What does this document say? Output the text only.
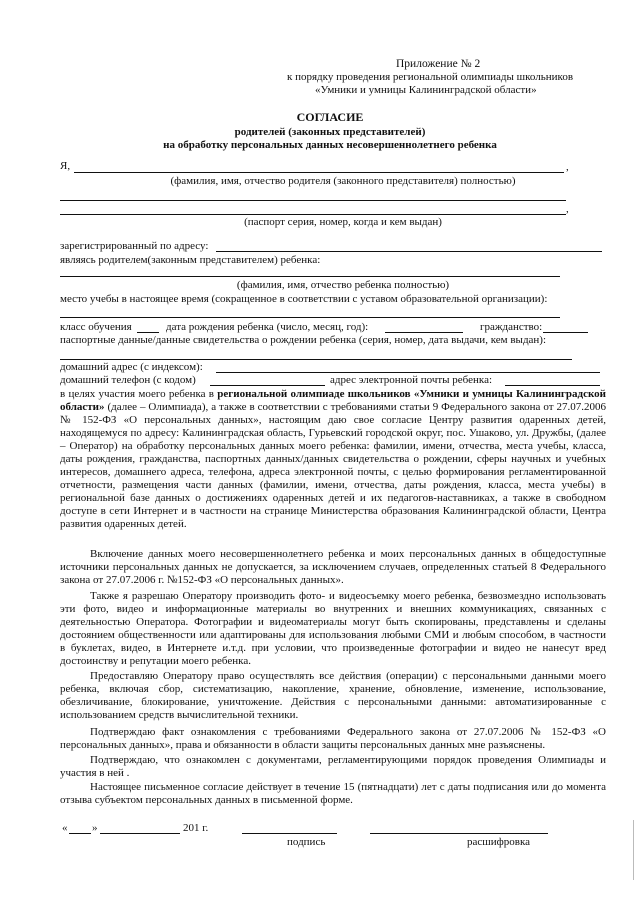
Приложение № 2
к порядку проведения региональной олимпиады школьников
«Умники и умницы Калининградской области»
СОГЛАСИЕ
родителей (законных представителей)
на обработку персональных данных несовершеннолетнего ребенка
Я,	,
(фамилия, имя, отчество родителя (законного представителя) полностью)
,
(паспорт серия, номер, когда и кем выдан)
зарегистрированный по адресу:
являясь родителем(законным представителем) ребенка:
(фамилия, имя, отчество ребенка полностью)
место учебы в настоящее время (сокращенное в соответствии с уставом образовательной организации):
класс обучения	дата рождения ребенка (число, месяц, год):	гражданство:
паспортные данные/данные свидетельства о рождении ребенка (серия, номер, дата выдачи, кем выдан):
домашний адрес (с индексом):
домашний телефон (с кодом)	адрес электронной почты ребенка:

в целях участия моего ребенка в региональной олимпиаде школьников «Умники и умницы Калининградской области» (далее – Олимпиада), а также в соответствии с требованиями статьи 9 Федерального закона от 27.07.2006 № 152-ФЗ «О персональных данных», настоящим даю свое согласие Центру развития одаренных детей, находящемуся по адресу: Калининградская область, Гурьевский городской округ, пос. Ушаково, ул. Дружбы, (далее – Оператор) на обработку персональных данных моего ребенка: фамилии, имени, отчества, места учебы, класса, даты рождения, гражданства, паспортных данных/данных свидетельства о рождении, сферы научных и учебных интересов, домашнего адреса, телефона, адреса электронной почты, с целью формирования регламентированной отчетности, размещения части данных (фамилии, имени, отчества, даты рождения, класса, места учебы) в региональной базе данных о достижениях одаренных детей и их педагогов-наставниках, а также в свободном доступе в сети Интернет и в частности на странице Министерства образования Калининградской области, Центра развития одаренных детей.

Включение данных моего несовершеннолетнего ребенка и моих персональных данных в общедоступные источники персональных данных не допускается, за исключением случаев, определенных статьей 8 Федерального закона от 27.07.2006 г. №152-ФЗ «О персональных данных».

Также я разрешаю Оператору производить фото- и видеосъемку моего ребенка, безвозмездно использовать эти фото, видео и информационные материалы во внутренних и внешних коммуникациях, связанных с деятельностью Оператора. Фотографии и видеоматериалы могут быть скопированы, представлены и сделаны достоянием общественности или адаптированы для использования любыми СМИ и любым способом, в частности в буклетах, видео, в Интернете и.т.д. при условии, что произведенные фотографии и видео не нанесут вред достоинству и репутации моего ребенка.

Предоставляю Оператору право осуществлять все действия (операции) с персональными данными моего ребенка, включая сбор, систематизацию, накопление, хранение, обновление, изменение, использование, обезличивание, блокирование, уничтожение. Действия с персональными данными: автоматизированные с использованием средств вычислительной техники.

Подтверждаю факт ознакомления с требованиями Федерального закона от 27.07.2006 № 152-ФЗ «О персональных данных», права и обязанности в области защиты персональных данных мне разъяснены.

Подтверждаю, что ознакомлен с документами, регламентирующими порядок проведения Олимпиады и участия в ней .

Настоящее письменное согласие действует в течение 15 (пятнадцати) лет с даты подписания или до момента отзыва субъектом персональных данных в письменной форме.

« »	201 г.
подпись	расшифровка
